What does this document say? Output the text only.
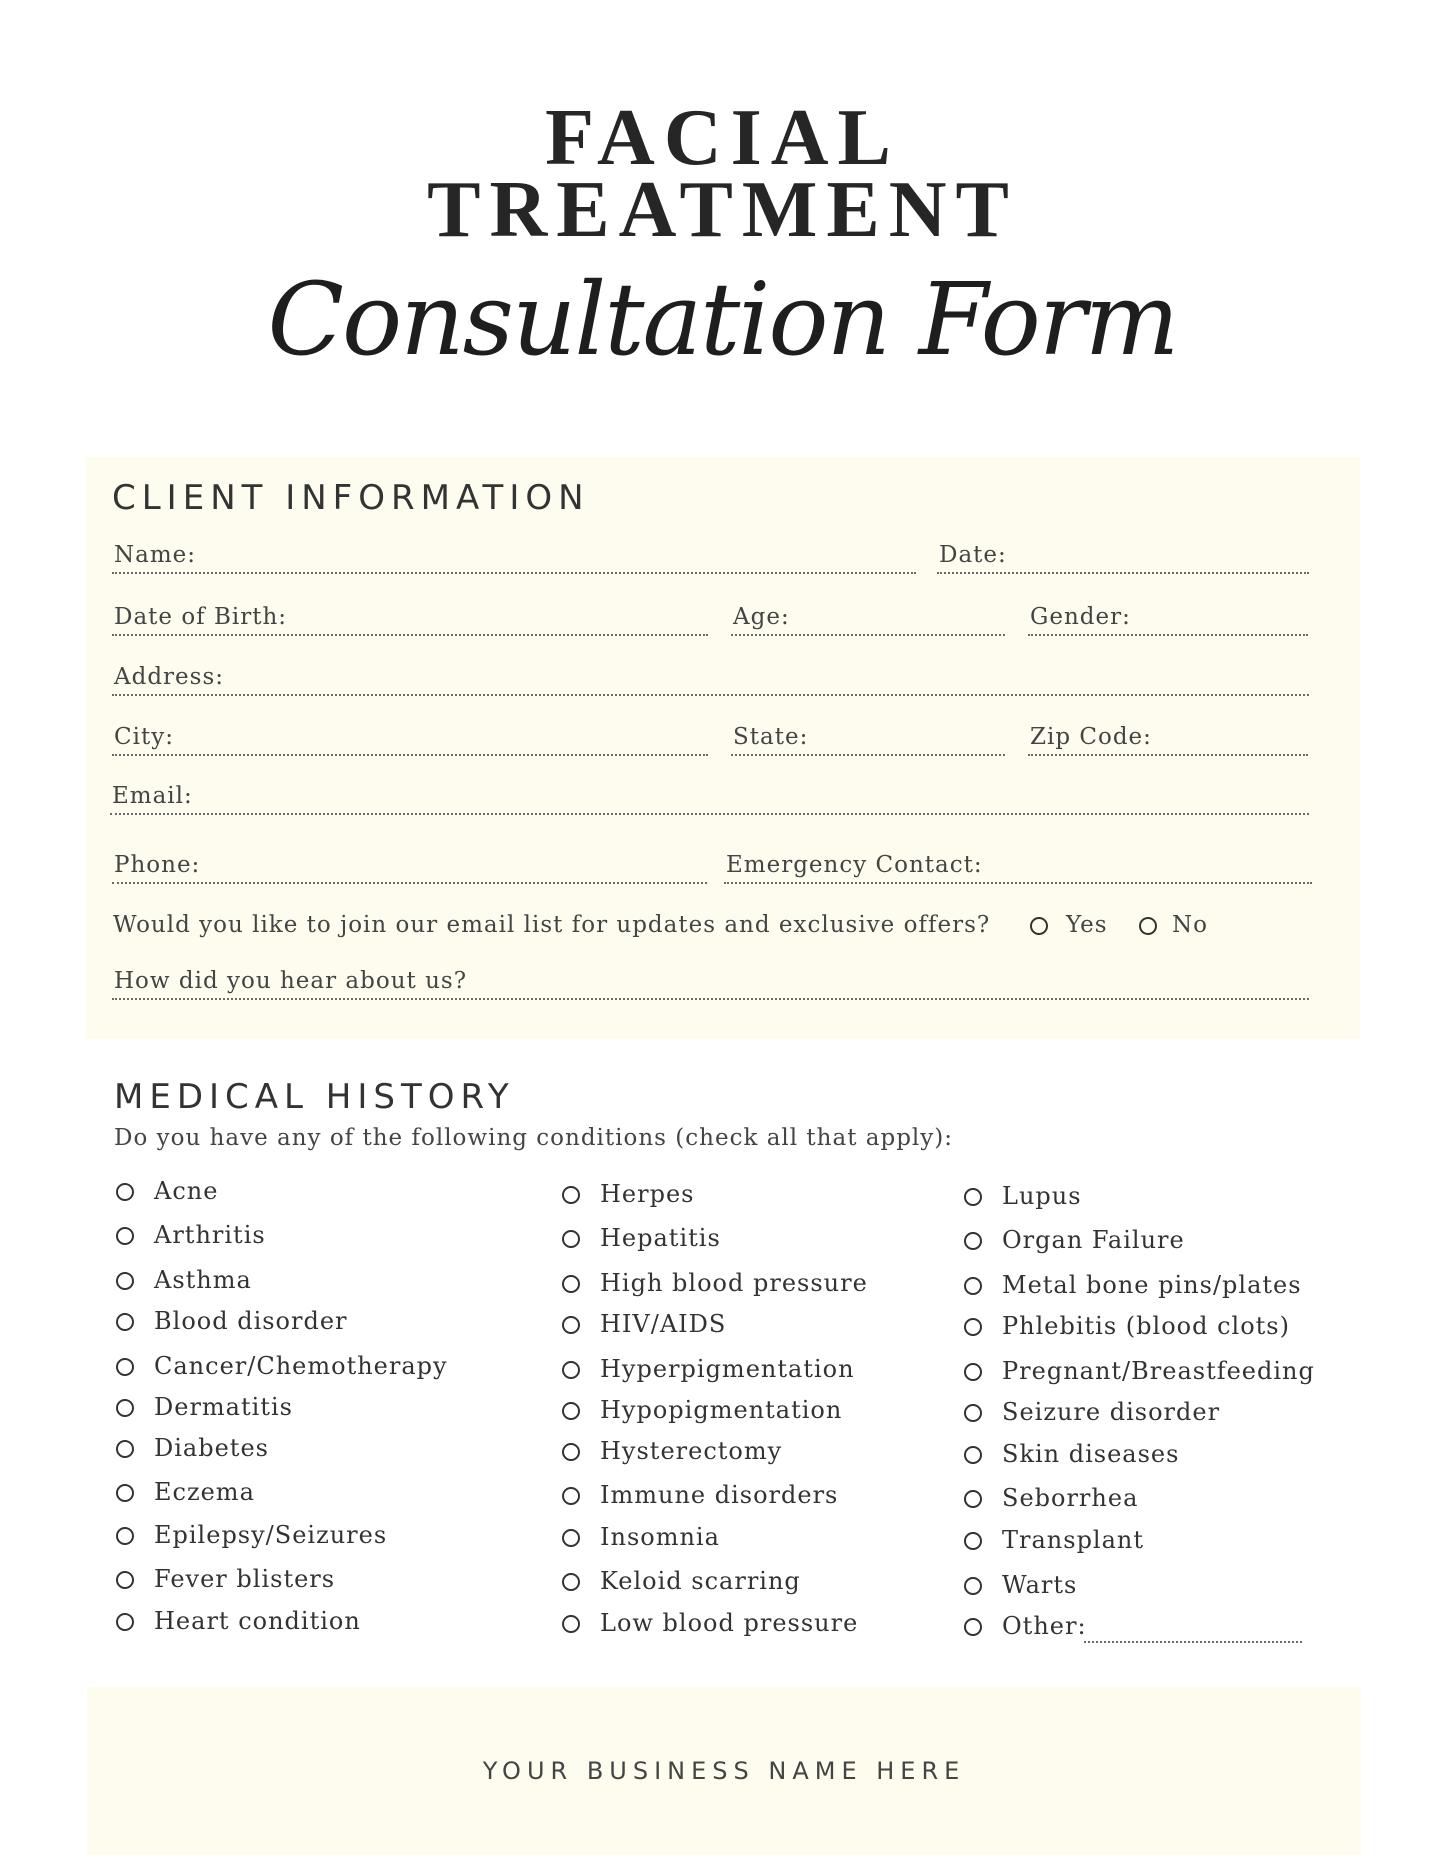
FACIAL
TREATMENT
Consultation Form
CLIENT INFORMATION
Name:	Date:
Date of Birth:	Age:	Gender:
Address:
City:	State:	Zip Code:
Email:
Phone:	Emergency Contact:
Would you like to join our email list for updates and exclusive offers?	Yes	No
How did you hear about us?
MEDICAL HISTORY
Do you have any of the following conditions (check all that apply):
Acne
Arthritis
Asthma
Blood disorder
Cancer/Chemotherapy
Dermatitis
Diabetes
Eczema
Epilepsy/Seizures
Fever blisters
Heart condition
Herpes
Hepatitis
High blood pressure
HIV/AIDS
Hyperpigmentation
Hypopigmentation
Hysterectomy
Immune disorders
Insomnia
Keloid scarring
Low blood pressure
Lupus
Organ Failure
Metal bone pins/plates
Phlebitis (blood clots)
Pregnant/Breastfeeding
Seizure disorder
Skin diseases
Seborrhea
Transplant
Warts
Other:
YOUR BUSINESS NAME HERE
